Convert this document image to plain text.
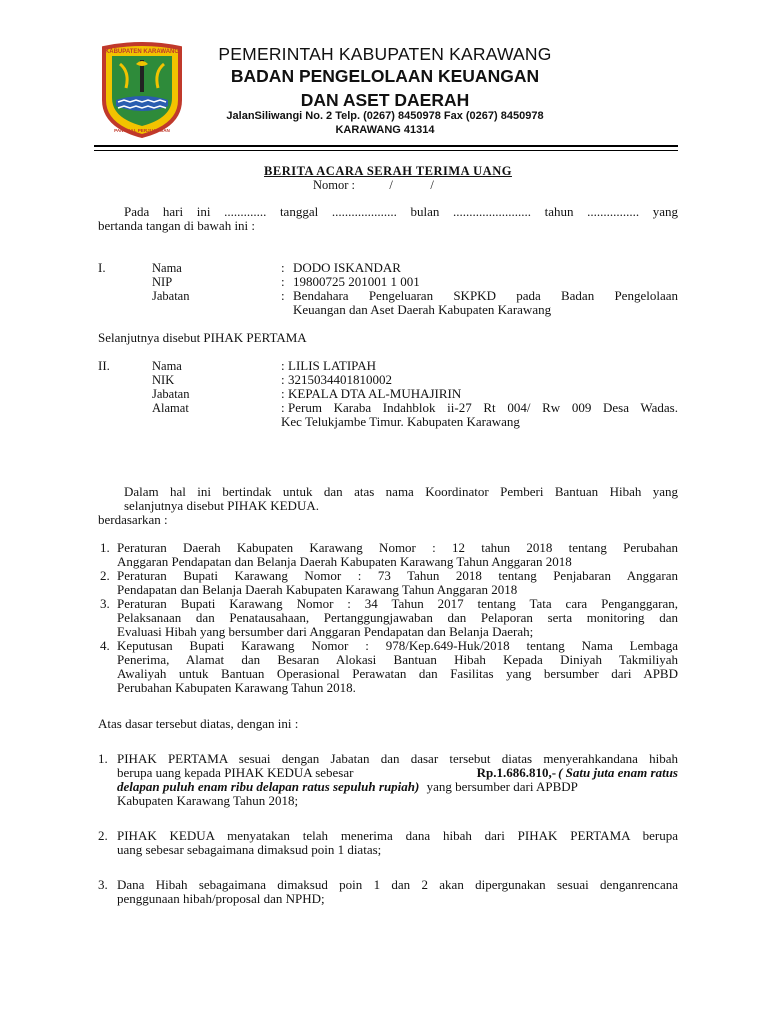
KABUPATEN KARAWANG
PANGKAL PERJUANGAN
PEMERINTAH KABUPATEN KARAWANG
BADAN PENGELOLAAN KEUANGAN
DAN ASET DAERAH
JalanSiliwangi No. 2 Telp. (0267) 8450978 Fax (0267) 8450978
KARAWANG 41314
BERITA ACARA SERAH TERIMA UANG
Nomor :           /            /
Pada hari ini ............. tanggal .................... bulan ........................ tahun ................ yang
bertanda tangan di bawah ini :
I.	Nama	: DODO ISKANDAR
NIP	: 19800725 201001 1 001
Jabatan	: Bendahara Pengeluaran SKPKD pada Badan Pengelolaan
Keuangan dan Aset Daerah Kabupaten Karawang
Selanjutnya disebut PIHAK PERTAMA
II.	Nama	: LILIS LATIPAH
NIK	: 3215034401810002
Jabatan	: KEPALA DTA AL-MUHAJIRIN
Alamat	: Perum Karaba Indahblok ii-27 Rt 004/ Rw 009 Desa Wadas.
Kec Telukjambe Timur. Kabupaten Karawang
Dalam hal ini bertindak untuk dan atas nama Koordinator Pemberi Bantuan Hibah yang
selanjutnya disebut PIHAK KEDUA.
berdasarkan :
1. Peraturan Daerah Kabupaten Karawang Nomor : 12 tahun 2018 tentang Perubahan
Anggaran Pendapatan dan Belanja Daerah Kabupaten Karawang Tahun Anggaran 2018
2. Peraturan Bupati Karawang Nomor : 73 Tahun 2018 tentang Penjabaran Anggaran
Pendapatan dan Belanja Daerah Kabupaten Karawang Tahun Anggaran 2018
3. Peraturan Bupati Karawang Nomor : 34 Tahun 2017 tentang Tata cara Penganggaran,
Pelaksanaan dan Penatausahaan, Pertanggungjawaban dan Pelaporan serta monitoring dan
Evaluasi Hibah yang bersumber dari Anggaran Pendapatan dan Belanja Daerah;
4. Keputusan Bupati Karawang Nomor : 978/Kep.649-Huk/2018 tentang Nama Lembaga
Penerima, Alamat dan Besaran Alokasi Bantuan Hibah Kepada Diniyah Takmiliyah
Awaliyah untuk Bantuan Operasional Perawatan dan Fasilitas yang bersumber dari APBD
Perubahan Kabupaten Karawang Tahun 2018.
Atas dasar tersebut diatas, dengan ini :
1. PIHAK PERTAMA sesuai dengan Jabatan dan dasar tersebut diatas menyerahkandana hibah
berupa uang kepada PIHAK KEDUA sebesar	Rp.1.686.810,- ( Satu juta enam ratus
delapan puluh enam ribu delapan ratus sepuluh rupiah) yang bersumber dari APBDP
Kabupaten Karawang Tahun 2018;
2. PIHAK KEDUA menyatakan telah menerima dana hibah dari PIHAK PERTAMA berupa
uang sebesar sebagaimana dimaksud poin 1 diatas;
3. Dana Hibah sebagaimana dimaksud poin 1 dan 2 akan dipergunakan sesuai denganrencana
penggunaan hibah/proposal dan NPHD;
